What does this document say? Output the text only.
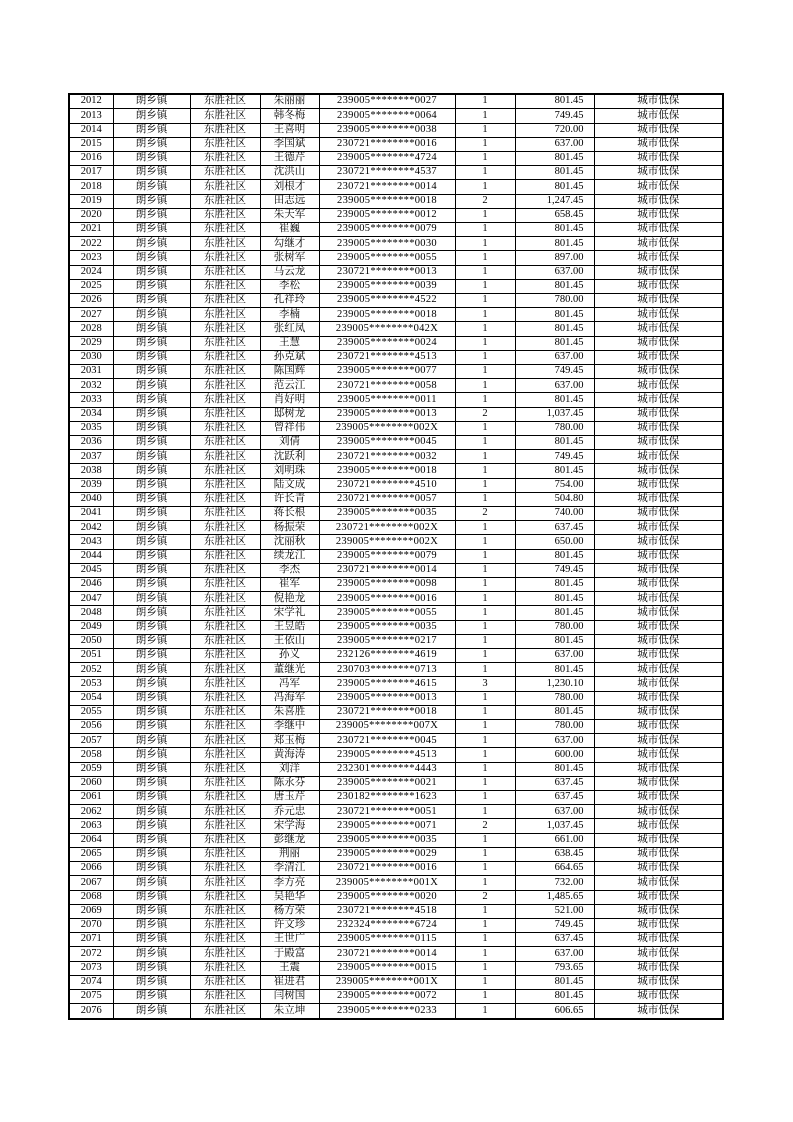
2012	朗乡镇	东胜社区	朱丽丽	239005********0027	1	801.45	城市低保
2013	朗乡镇	东胜社区	韩冬梅	239005********0064	1	749.45	城市低保
2014	朗乡镇	东胜社区	王喜明	239005********0038	1	720.00	城市低保
2015	朗乡镇	东胜社区	李国斌	230721********0016	1	637.00	城市低保
2016	朗乡镇	东胜社区	王德芹	239005********4724	1	801.45	城市低保
2017	朗乡镇	东胜社区	沈洪山	230721********4537	1	801.45	城市低保
2018	朗乡镇	东胜社区	刘根才	230721********0014	1	801.45	城市低保
2019	朗乡镇	东胜社区	田志远	239005********0018	2	1,247.45	城市低保
2020	朗乡镇	东胜社区	朱天军	239005********0012	1	658.45	城市低保
2021	朗乡镇	东胜社区	崔巍	239005********0079	1	801.45	城市低保
2022	朗乡镇	东胜社区	勾继才	239005********0030	1	801.45	城市低保
2023	朗乡镇	东胜社区	张树军	239005********0055	1	897.00	城市低保
2024	朗乡镇	东胜社区	马云龙	230721********0013	1	637.00	城市低保
2025	朗乡镇	东胜社区	李松	239005********0039	1	801.45	城市低保
2026	朗乡镇	东胜社区	孔祥玲	239005********4522	1	780.00	城市低保
2027	朗乡镇	东胜社区	李楠	239005********0018	1	801.45	城市低保
2028	朗乡镇	东胜社区	张红凤	239005********042X	1	801.45	城市低保
2029	朗乡镇	东胜社区	王慧	239005********0024	1	801.45	城市低保
2030	朗乡镇	东胜社区	孙克斌	230721********4513	1	637.00	城市低保
2031	朗乡镇	东胜社区	陈国辉	239005********0077	1	749.45	城市低保
2032	朗乡镇	东胜社区	范云江	230721********0058	1	637.00	城市低保
2033	朗乡镇	东胜社区	肖好明	239005********0011	1	801.45	城市低保
2034	朗乡镇	东胜社区	邸树龙	239005********0013	2	1,037.45	城市低保
2035	朗乡镇	东胜社区	曾祥伟	239005********002X	1	780.00	城市低保
2036	朗乡镇	东胜社区	刘倩	239005********0045	1	801.45	城市低保
2037	朗乡镇	东胜社区	沈跃利	230721********0032	1	749.45	城市低保
2038	朗乡镇	东胜社区	刘明珠	239005********0018	1	801.45	城市低保
2039	朗乡镇	东胜社区	陆文成	230721********4510	1	754.00	城市低保
2040	朗乡镇	东胜社区	许长青	230721********0057	1	504.80	城市低保
2041	朗乡镇	东胜社区	蒋长根	239005********0035	2	740.00	城市低保
2042	朗乡镇	东胜社区	杨振荣	230721********002X	1	637.45	城市低保
2043	朗乡镇	东胜社区	沈丽秋	239005********002X	1	650.00	城市低保
2044	朗乡镇	东胜社区	续龙江	239005********0079	1	801.45	城市低保
2045	朗乡镇	东胜社区	李杰	230721********0014	1	749.45	城市低保
2046	朗乡镇	东胜社区	崔军	239005********0098	1	801.45	城市低保
2047	朗乡镇	东胜社区	倪艳龙	239005********0016	1	801.45	城市低保
2048	朗乡镇	东胜社区	宋学礼	239005********0055	1	801.45	城市低保
2049	朗乡镇	东胜社区	王昱皓	239005********0035	1	780.00	城市低保
2050	朗乡镇	东胜社区	王依山	239005********0217	1	801.45	城市低保
2051	朗乡镇	东胜社区	孙义	232126********4619	1	637.00	城市低保
2052	朗乡镇	东胜社区	董继光	230703********0713	1	801.45	城市低保
2053	朗乡镇	东胜社区	冯军	239005********4615	3	1,230.10	城市低保
2054	朗乡镇	东胜社区	冯海军	239005********0013	1	780.00	城市低保
2055	朗乡镇	东胜社区	朱喜胜	230721********0018	1	801.45	城市低保
2056	朗乡镇	东胜社区	李继中	239005********007X	1	780.00	城市低保
2057	朗乡镇	东胜社区	郑玉梅	230721********0045	1	637.00	城市低保
2058	朗乡镇	东胜社区	黄海涛	239005********4513	1	600.00	城市低保
2059	朗乡镇	东胜社区	刘洋	232301********4443	1	801.45	城市低保
2060	朗乡镇	东胜社区	陈永芬	239005********0021	1	637.45	城市低保
2061	朗乡镇	东胜社区	唐玉芹	230182********1623	1	637.45	城市低保
2062	朗乡镇	东胜社区	乔元忠	230721********0051	1	637.00	城市低保
2063	朗乡镇	东胜社区	宋学海	239005********0071	2	1,037.45	城市低保
2064	朗乡镇	东胜社区	彭继龙	239005********0035	1	661.00	城市低保
2065	朗乡镇	东胜社区	荆丽	239005********0029	1	638.45	城市低保
2066	朗乡镇	东胜社区	李清江	230721********0016	1	664.65	城市低保
2067	朗乡镇	东胜社区	李方亮	239005********001X	1	732.00	城市低保
2068	朗乡镇	东胜社区	吴艳华	239005********0020	2	1,485.65	城市低保
2069	朗乡镇	东胜社区	杨方荣	230721********4518	1	521.00	城市低保
2070	朗乡镇	东胜社区	许文珍	232324********6724	1	749.45	城市低保
2071	朗乡镇	东胜社区	王世广	239005********0115	1	637.45	城市低保
2072	朗乡镇	东胜社区	于殿富	230721********0014	1	637.00	城市低保
2073	朗乡镇	东胜社区	王震	239005********0015	1	793.65	城市低保
2074	朗乡镇	东胜社区	崔进君	239005********001X	1	801.45	城市低保
2075	朗乡镇	东胜社区	闫树国	239005********0072	1	801.45	城市低保
2076	朗乡镇	东胜社区	朱立坤	239005********0233	1	606.65	城市低保
